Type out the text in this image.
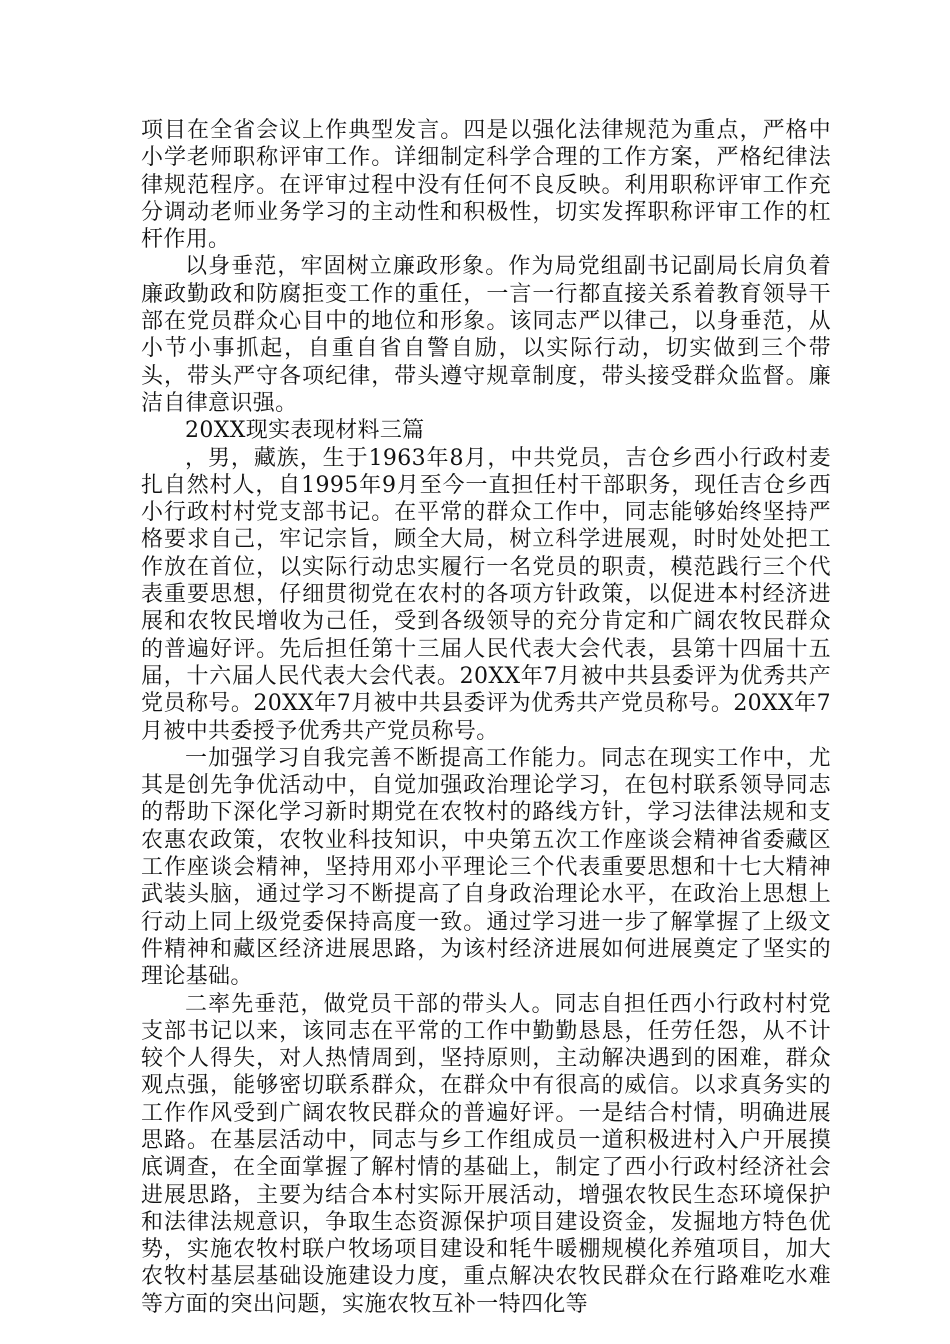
项目在全省会议上作典型发言。四是以强化法律规范为重点，严格中小学老师职称评审工作。详细制定科学合理的工作方案，严格纪律法律规范程序。在评审过程中没有任何不良反映。利用职称评审工作充分调动老师业务学习的主动性和积极性，切实发挥职称评审工作的杠杆作用。

以身垂范，牢固树立廉政形象。作为局党组副书记副局长肩负着廉政勤政和防腐拒变工作的重任，一言一行都直接关系着教育领导干部在党员群众心目中的地位和形象。该同志严以律己，以身垂范，从小节小事抓起，自重自省自警自励，以实际行动，切实做到三个带头，带头严守各项纪律，带头遵守规章制度，带头接受群众监督。廉洁自律意识强。

20XX现实表现材料三篇

，男，藏族，生于1963年8月，中共党员，吉仓乡西小行政村麦扎自然村人，自1995年9月至今一直担任村干部职务，现任吉仓乡西小行政村村党支部书记。在平常的群众工作中，同志能够始终坚持严格要求自己，牢记宗旨，顾全大局，树立科学进展观，时时处处把工作放在首位，以实际行动忠实履行一名党员的职责，模范践行三个代表重要思想，仔细贯彻党在农村的各项方针政策，以促进本村经济进展和农牧民增收为己任，受到各级领导的充分肯定和广阔农牧民群众的普遍好评。先后担任第十三届人民代表大会代表，县第十四届十五届，十六届人民代表大会代表。20XX年7月被中共县委评为优秀共产党员称号。20XX年7月被中共县委评为优秀共产党员称号。20XX年7月被中共委授予优秀共产党员称号。

一加强学习自我完善不断提高工作能力。同志在现实工作中，尤其是创先争优活动中，自觉加强政治理论学习，在包村联系领导同志的帮助下深化学习新时期党在农牧村的路线方针，学习法律法规和支农惠农政策，农牧业科技知识，中央第五次工作座谈会精神省委藏区工作座谈会精神，坚持用邓小平理论三个代表重要思想和十七大精神武装头脑，通过学习不断提高了自身政治理论水平，在政治上思想上行动上同上级党委保持高度一致。通过学习进一步了解掌握了上级文件精神和藏区经济进展思路，为该村经济进展如何进展奠定了坚实的理论基础。

二率先垂范，做党员干部的带头人。同志自担任西小行政村村党支部书记以来，该同志在平常的工作中勤勤恳恳，任劳任怨，从不计较个人得失，对人热情周到，坚持原则，主动解决遇到的困难，群众观点强，能够密切联系群众，在群众中有很高的威信。以求真务实的工作作风受到广阔农牧民群众的普遍好评。一是结合村情，明确进展思路。在基层活动中，同志与乡工作组成员一道积极进村入户开展摸底调查，在全面掌握了解村情的基础上，制定了西小行政村经济社会进展思路，主要为结合本村实际开展活动，增强农牧民生态环境保护和法律法规意识，争取生态资源保护项目建设资金，发掘地方特色优势，实施农牧村联户牧场项目建设和牦牛暖棚规模化养殖项目，加大农牧村基层基础设施建设力度，重点解决农牧民群众在行路难吃水难等方面的突出问题，实施农牧互补一特四化等
